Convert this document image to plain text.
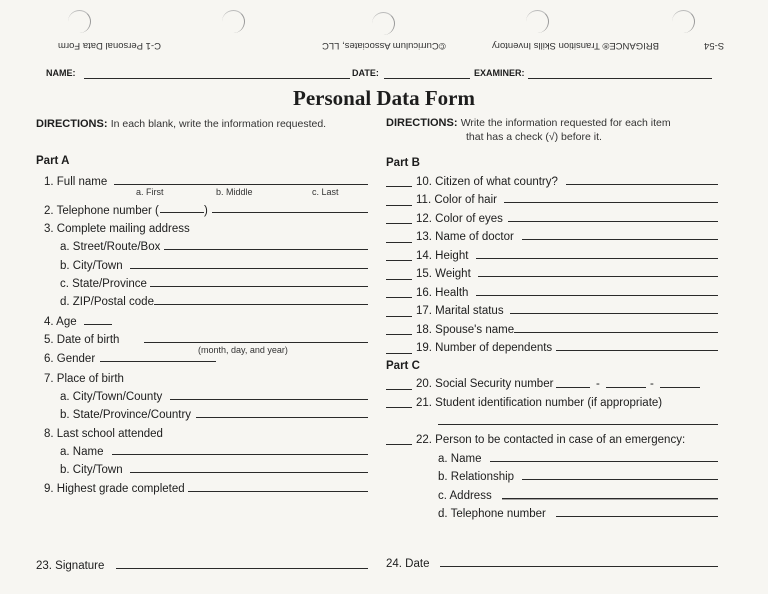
C-1 Personal Data Form	©Curriculum Associates, LLC	BRIGANCE® Transition Skills Inventory	S-54
NAME:	DATE:	EXAMINER:
Personal Data Form
DIRECTIONS: In each blank, write the information requested.	DIRECTIONS: Write the information requested for each item
that has a check (√) before it.
Part A
1. Full name
a. First	b. Middle	c. Last
2. Telephone number (	)
3. Complete mailing address
a. Street/Route/Box
b. City/Town
c. State/Province
d. ZIP/Postal code
4. Age
5. Date of birth
(month, day, and year)
6. Gender
7. Place of birth
a. City/Town/County
b. State/Province/Country
8. Last school attended
a. Name
b. City/Town
9. Highest grade completed
Part B
10. Citizen of what country?
11. Color of hair
12. Color of eyes
13. Name of doctor
14. Height
15. Weight
16. Health
17. Marital status
18. Spouse's name
19. Number of dependents
Part C
20. Social Security number	-	-
21. Student identification number (if appropriate)
22. Person to be contacted in case of an emergency:
a. Name
b. Relationship
c. Address
d. Telephone number
23. Signature	24. Date
